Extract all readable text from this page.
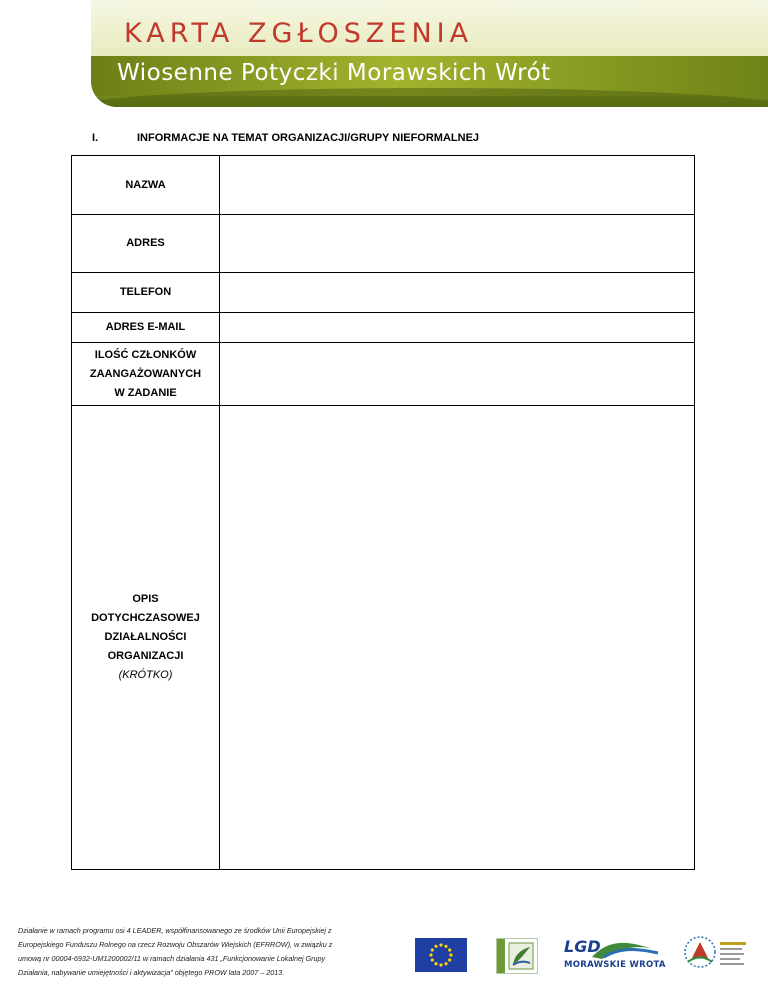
KARTA ZGŁOSZENIA
Wiosenne Potyczki Morawskich Wrót
I.	INFORMACJE NA TEMAT ORGANIZACJI/GRUPY NIEFORMALNEJ
NAZWA	
ADRES	
TELEFON	
ADRES E-MAIL	

ILOŚĆ CZŁONKÓW
ZAANGAŻOWANYCH
W ZADANIE	

OPIS
DOTYCHCZASOWEJ
DZIAŁALNOŚCI
ORGANIZACJI
(KRÓTKO)	

Działanie w ramach programu osi 4 LEADER, współfinansowanego ze środków Unii Europejskiej z
Europejskiego Funduszu Rolnego na rzecz Rozwoju Obszarów Wiejskich (EFRROW), w związku z
umową nr 00004-6932-UM1200002/11 w ramach działania 431 „Funkcjonowanie Lokalnej Grupy
Działania, nabywanie umiejętności i aktywizacja" objętego PROW lata 2007 – 2013.
LGD
MORAWSKIE WROTA
